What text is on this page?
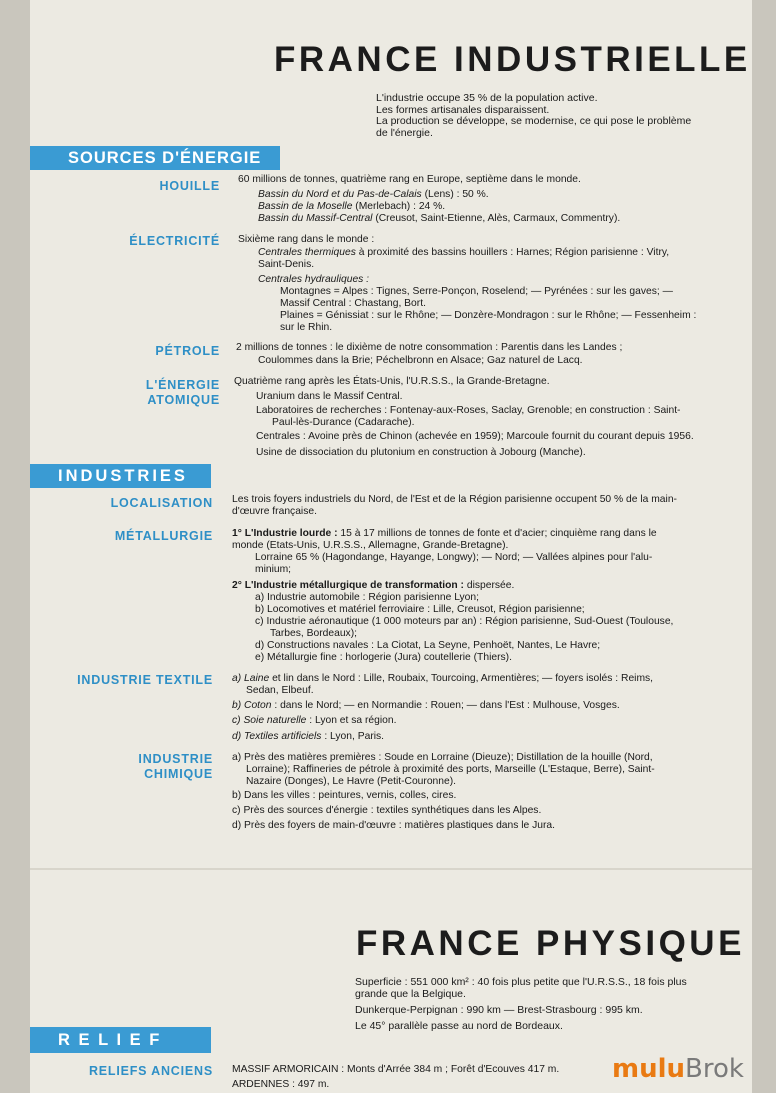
FRANCE INDUSTRIELLE
L'industrie occupe 35 % de la population active.
Les formes artisanales disparaissent.
La production se développe, se modernise, ce qui pose le problème
de l'énergie.
SOURCES D'ÉNERGIE
HOUILLE 60 millions de tonnes, quatrième rang en Europe, septième dans le monde.
Bassin du Nord et du Pas-de-Calais (Lens) : 50 %.
Bassin de la Moselle (Merlebach) : 24 %.
Bassin du Massif-Central (Creusot, Saint-Etienne, Alès, Carmaux, Commentry).
ÉLECTRICITÉ Sixième rang dans le monde :
Centrales thermiques à proximité des bassins houillers : Harnes; Région parisienne : Vitry,
Saint-Denis.
Centrales hydrauliques :
Montagnes = Alpes : Tignes, Serre-Ponçon, Roselend; — Pyrénées : sur les gaves; —
Massif Central : Chastang, Bort.
Plaines = Génissiat : sur le Rhône; — Donzère-Mondragon : sur le Rhône; — Fessenheim :
sur le Rhin.
PÉTROLE 2 millions de tonnes : le dixième de notre consommation : Parentis dans les Landes ;
Coulommes dans la Brie; Péchelbronn en Alsace; Gaz naturel de Lacq.
L'ÉNERGIE
ATOMIQUE
Quatrième rang après les États-Unis, l'U.R.S.S., la Grande-Bretagne.
Uranium dans le Massif Central.
Laboratoires de recherches : Fontenay-aux-Roses, Saclay, Grenoble; en construction : Saint-
Paul-lès-Durance (Cadarache).
Centrales : Avoine près de Chinon (achevée en 1959); Marcoule fournit du courant depuis 1956.
Usine de dissociation du plutonium en construction à Jobourg (Manche).
INDUSTRIES
LOCALISATION Les trois foyers industriels du Nord, de l'Est et de la Région parisienne occupent 50 % de la main-
d'œuvre française.
MÉTALLURGIE 1° L'Industrie lourde : 15 à 17 millions de tonnes de fonte et d'acier; cinquième rang dans le
monde (Etats-Unis, U.R.S.S., Allemagne, Grande-Bretagne).
Lorraine 65 % (Hagondange, Hayange, Longwy); — Nord; — Vallées alpines pour l'alu-
minium;
2° L'Industrie métallurgique de transformation : dispersée.
a) Industrie automobile : Région parisienne Lyon;
b) Locomotives et matériel ferroviaire : Lille, Creusot, Région parisienne;
c) Industrie aéronautique (1 000 moteurs par an) : Région parisienne, Sud-Ouest (Toulouse,
Tarbes, Bordeaux);
d) Constructions navales : La Ciotat, La Seyne, Penhoët, Nantes, Le Havre;
e) Métallurgie fine : horlogerie (Jura) coutellerie (Thiers).
INDUSTRIE TEXTILE a) Laine et lin dans le Nord : Lille, Roubaix, Tourcoing, Armentières; — foyers isolés : Reims,
Sedan, Elbeuf.
b) Coton : dans le Nord; — en Normandie : Rouen; — dans l'Est : Mulhouse, Vosges.
c) Soie naturelle : Lyon et sa région.
d) Textiles artificiels : Lyon, Paris.
INDUSTRIE
CHIMIQUE
a) Près des matières premières : Soude en Lorraine (Dieuze); Distillation de la houille (Nord,
Lorraine); Raffineries de pétrole à proximité des ports, Marseille (L'Estaque, Berre), Saint-
Nazaire (Donges), Le Havre (Petit-Couronne).
b) Dans les villes : peintures, vernis, colles, cires.
c) Près des sources d'énergie : textiles synthétiques dans les Alpes.
d) Près des foyers de main-d'œuvre : matières plastiques dans le Jura.
FRANCE PHYSIQUE
Superficie : 551 000 km² : 40 fois plus petite que l'U.R.S.S., 18 fois plus
grande que la Belgique.
Dunkerque-Perpignan : 990 km — Brest-Strasbourg : 995 km.
Le 45° parallèle passe au nord de Bordeaux.
R E L I E F
RELIEFS ANCIENS MASSIF ARMORICAIN : Monts d'Arrée 384 m ; Forêt d'Ecouves 417 m.
ARDENNES : 497 m.
muluBrok
